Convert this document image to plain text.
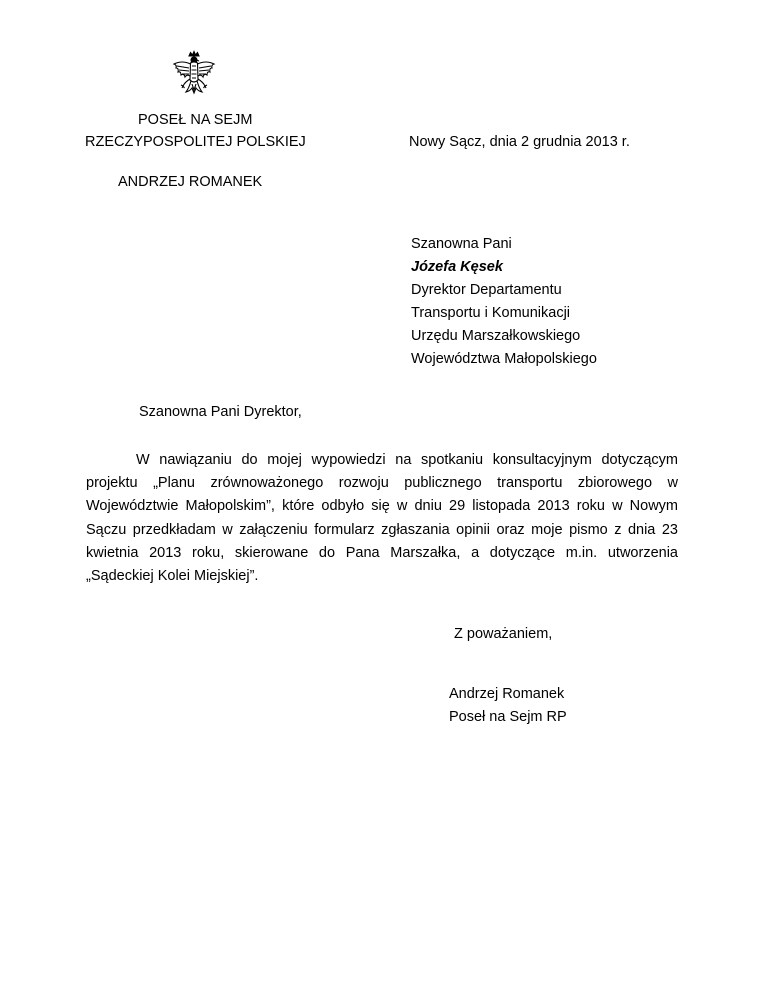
POSEŁ NA SEJM
RZECZYPOSPOLITEJ POLSKIEJ
ANDRZEJ ROMANEK
Nowy Sącz, dnia 2 grudnia 2013 r.
Szanowna Pani
Józefa Kęsek
Dyrektor Departamentu
Transportu i Komunikacji
Urzędu Marszałkowskiego
Województwa Małopolskiego
Szanowna Pani Dyrektor,
W nawiązaniu do mojej wypowiedzi na spotkaniu konsultacyjnym dotyczącym projektu „Planu zrównoważonego rozwoju publicznego transportu zbiorowego w Województwie Małopolskim”, które odbyło się w dniu 29 listopada 2013 roku w Nowym Sączu przedkładam w załączeniu formularz zgłaszania opinii oraz moje pismo z dnia 23 kwietnia 2013 roku, skierowane do Pana Marszałka, a dotyczące m.in. utworzenia „Sądeckiej Kolei Miejskiej”.
Z poważaniem,
Andrzej Romanek
Poseł na Sejm RP
